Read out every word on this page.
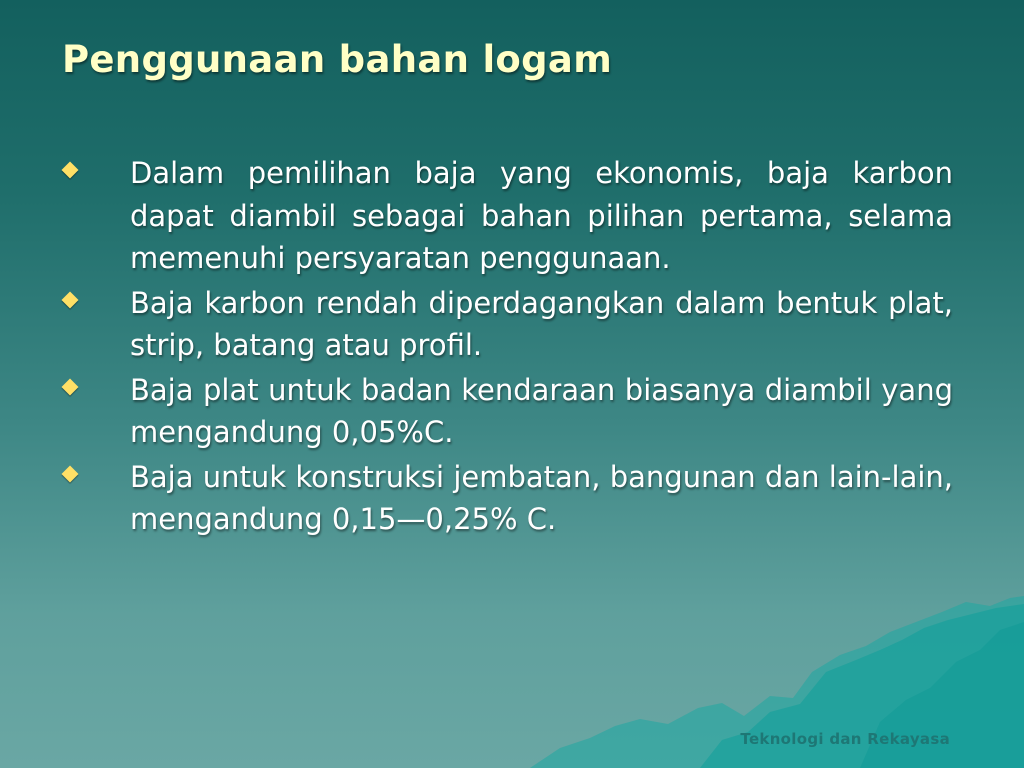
Penggunaan bahan logam
Dalam pemilihan baja yang ekonomis, baja karbon dapat diambil sebagai bahan pilihan pertama, selama memenuhi persyaratan penggunaan.
Baja karbon rendah diperdagangkan dalam bentuk plat, strip, batang atau profil.
Baja plat untuk badan kendaraan biasanya diambil yang mengandung 0,05%C.
Baja untuk konstruksi jembatan, bangunan dan lain-lain, mengandung 0,15—0,25% C.
Teknologi dan Rekayasa
